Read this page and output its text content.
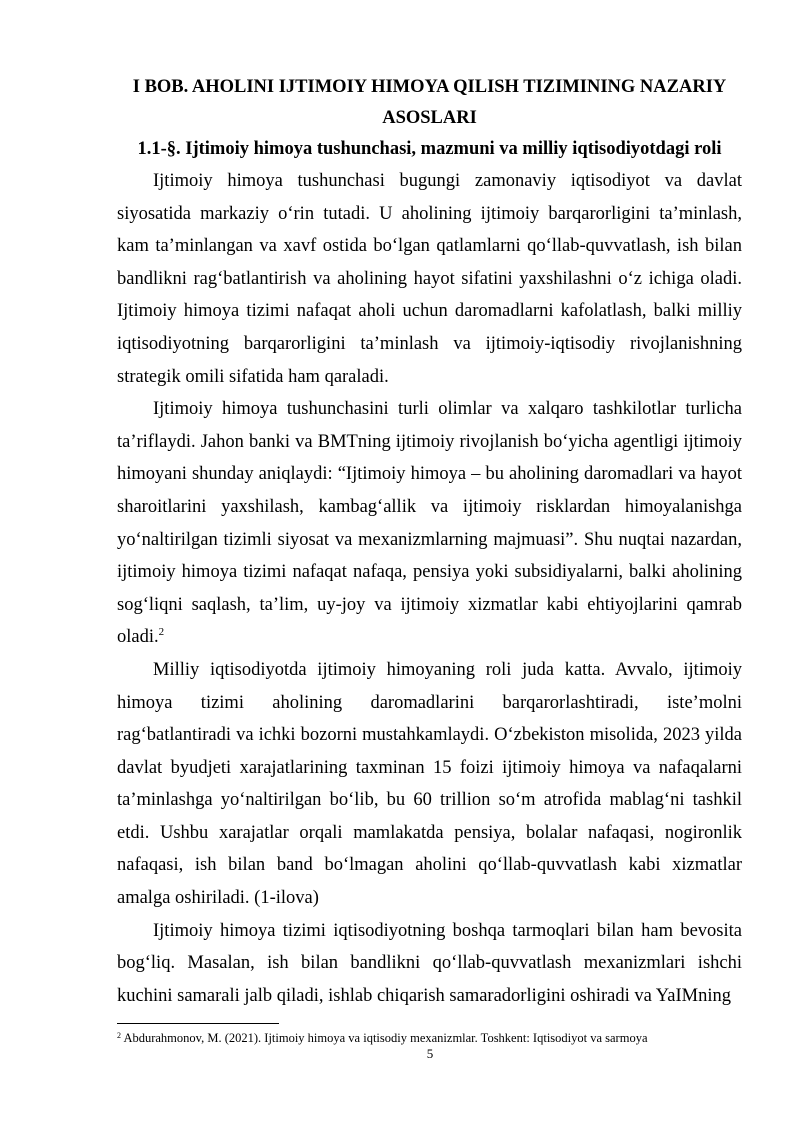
I BOB. AHOLINI IJTIMOIY HIMOYA QILISH TIZIMINING NAZARIY ASOSLARI
1.1-§. Ijtimoiy himoya tushunchasi, mazmuni va milliy iqtisodiyotdagi roli

Ijtimoiy himoya tushunchasi bugungi zamonaviy iqtisodiyot va davlat siyosatida markaziy oʻrin tutadi. U aholining ijtimoiy barqarorligini taʼminlash, kam taʼminlangan va xavf ostida boʻlgan qatlamlarni qoʻllab-quvvatlash, ish bilan bandlikni ragʻbatlantirish va aholining hayot sifatini yaxshilashni oʻz ichiga oladi. Ijtimoiy himoya tizimi nafaqat aholi uchun daromadlarni kafolatlash, balki milliy iqtisodiyotning barqarorligini taʼminlash va ijtimoiy-iqtisodiy rivojlanishning strategik omili sifatida ham qaraladi.

Ijtimoiy himoya tushunchasini turli olimlar va xalqaro tashkilotlar turlicha taʼriflaydi. Jahon banki va BMTning ijtimoiy rivojlanish boʻyicha agentligi ijtimoiy himoyani shunday aniqlaydi: “Ijtimoiy himoya – bu aholining daromadlari va hayot sharoitlarini yaxshilash, kambagʻallik va ijtimoiy risklardan himoyalanishga yoʻnaltirilgan tizimli siyosat va mexanizmlarning majmuasi”. Shu nuqtai nazardan, ijtimoiy himoya tizimi nafaqat nafaqa, pensiya yoki subsidiyalarni, balki aholining sogʻliqni saqlash, taʼlim, uy-joy va ijtimoiy xizmatlar kabi ehtiyojlarini qamrab oladi.$^2$

Milliy iqtisodiyotda ijtimoiy himoyaning roli juda katta. Avvalo, ijtimoiy himoya tizimi aholining daromadlarini barqarorlashtiradi, isteʼmolni ragʻbatlantiradi va ichki bozorni mustahkamlaydi. Oʻzbekiston misolida, 2023 yilda davlat byudjeti xarajatlarining taxminan 15 foizi ijtimoiy himoya va nafaqalarni taʼminlashga yoʻnaltirilgan boʻlib, bu 60 trillion soʻm atrofida mablagʻni tashkil etdi. Ushbu xarajatlar orqali mamlakatda pensiya, bolalar nafaqasi, nogironlik nafaqasi, ish bilan band boʻlmagan aholini qoʻllab-quvvatlash kabi xizmatlar amalga oshiriladi. (1-ilova)

Ijtimoiy himoya tizimi iqtisodiyotning boshqa tarmoqlari bilan ham bevosita bogʻliq. Masalan, ish bilan bandlikni qoʻllab-quvvatlash mexanizmlari ishchi kuchini samarali jalb qiladi, ishlab chiqarish samaradorligini oshiradi va YaIMning

$^2$ Abdurahmonov, M. (2021). Ijtimoiy himoya va iqtisodiy mexanizmlar. Toshkent: Iqtisodiyot va sarmoya

5
